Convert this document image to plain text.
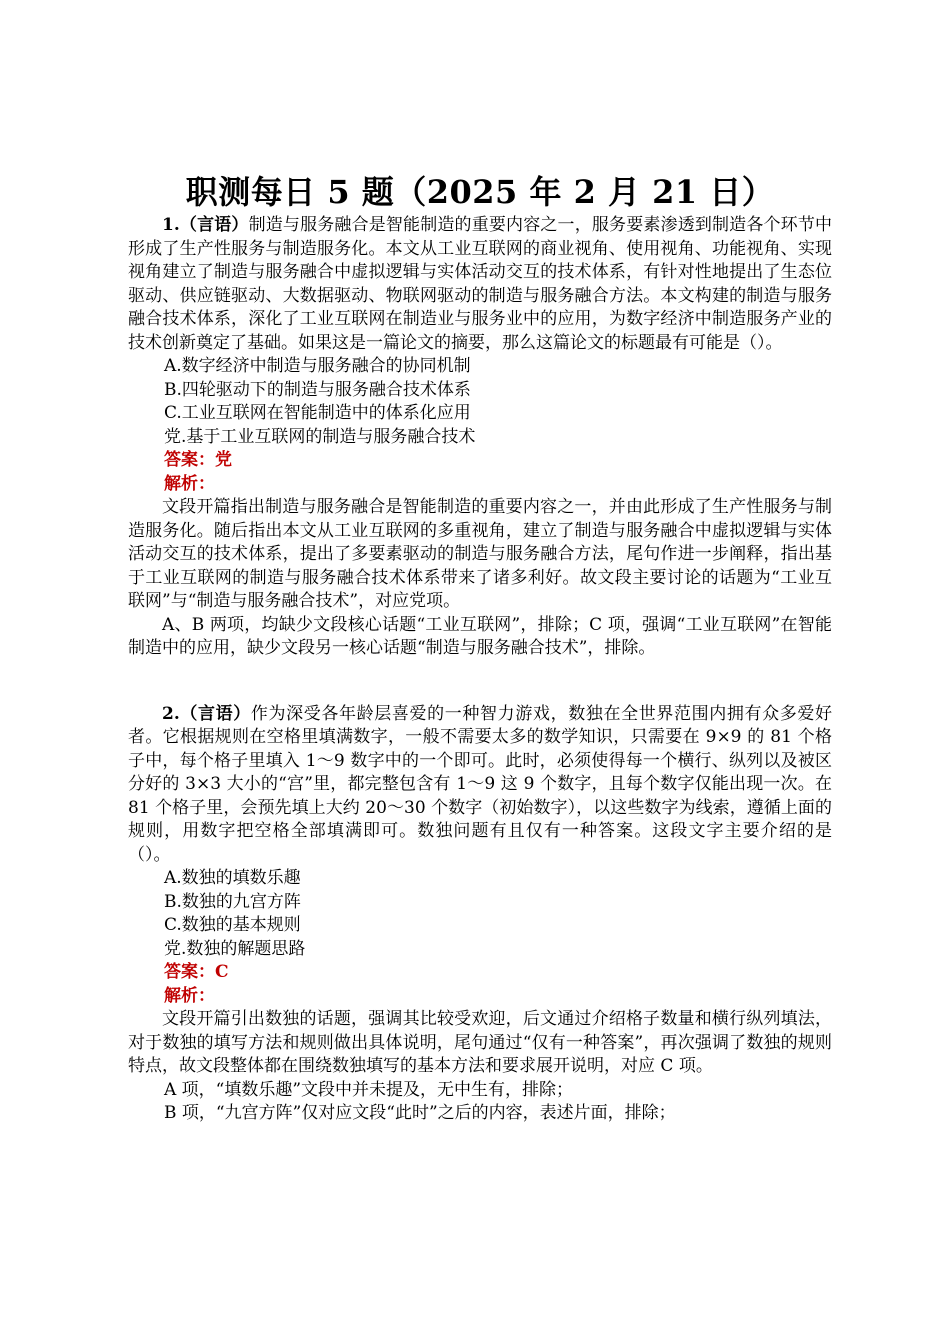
职测每日 5 题（2025 年 2 月 21 日）

1.（言语）制造与服务融合是智能制造的重要内容之一，服务要素渗透到制造各个环节中形成了生产性服务与制造服务化。本文从工业互联网的商业视角、使用视角、功能视角、实现视角建立了制造与服务融合中虚拟逻辑与实体活动交互的技术体系，有针对性地提出了生态位驱动、供应链驱动、大数据驱动、物联网驱动的制造与服务融合方法。本文构建的制造与服务融合技术体系，深化了工业互联网在制造业与服务业中的应用，为数字经济中制造服务产业的技术创新奠定了基础。如果这是一篇论文的摘要，那么这篇论文的标题最有可能是（）。

A.数字经济中制造与服务融合的协同机制

B.四轮驱动下的制造与服务融合技术体系

C.工业互联网在智能制造中的体系化应用

党.基于工业互联网的制造与服务融合技术

答案：党

解析：

文段开篇指出制造与服务融合是智能制造的重要内容之一，并由此形成了生产性服务与制造服务化。随后指出本文从工业互联网的多重视角，建立了制造与服务融合中虚拟逻辑与实体活动交互的技术体系，提出了多要素驱动的制造与服务融合方法，尾句作进一步阐释，指出基于工业互联网的制造与服务融合技术体系带来了诸多利好。故文段主要讨论的话题为“工业互联网”与“制造与服务融合技术”，对应党项。

A、B 两项，均缺少文段核心话题“工业互联网”，排除；C 项，强调“工业互联网”在智能制造中的应用，缺少文段另一核心话题“制造与服务融合技术”，排除。

2.（言语）作为深受各年龄层喜爱的一种智力游戏，数独在全世界范围内拥有众多爱好者。它根据规则在空格里填满数字，一般不需要太多的数学知识，只需要在 9×9 的 81 个格子中，每个格子里填入 1～9 数字中的一个即可。此时，必须使得每一个横行、纵列以及被区分好的 3×3 大小的“宫”里，都完整包含有 1～9 这 9 个数字，且每个数字仅能出现一次。在 81 个格子里，会预先填上大约 20～30 个数字（初始数字），以这些数字为线索，遵循上面的规则，用数字把空格全部填满即可。数独问题有且仅有一种答案。这段文字主要介绍的是（）。

A.数独的填数乐趣

B.数独的九宫方阵

C.数独的基本规则

党.数独的解题思路

答案：C

解析：

文段开篇引出数独的话题，强调其比较受欢迎，后文通过介绍格子数量和横行纵列填法，对于数独的填写方法和规则做出具体说明，尾句通过“仅有一种答案”，再次强调了数独的规则特点，故文段整体都在围绕数独填写的基本方法和要求展开说明，对应 C 项。

A 项，“填数乐趣”文段中并未提及，无中生有，排除；

B 项，“九宫方阵”仅对应文段“此时”之后的内容，表述片面，排除；
